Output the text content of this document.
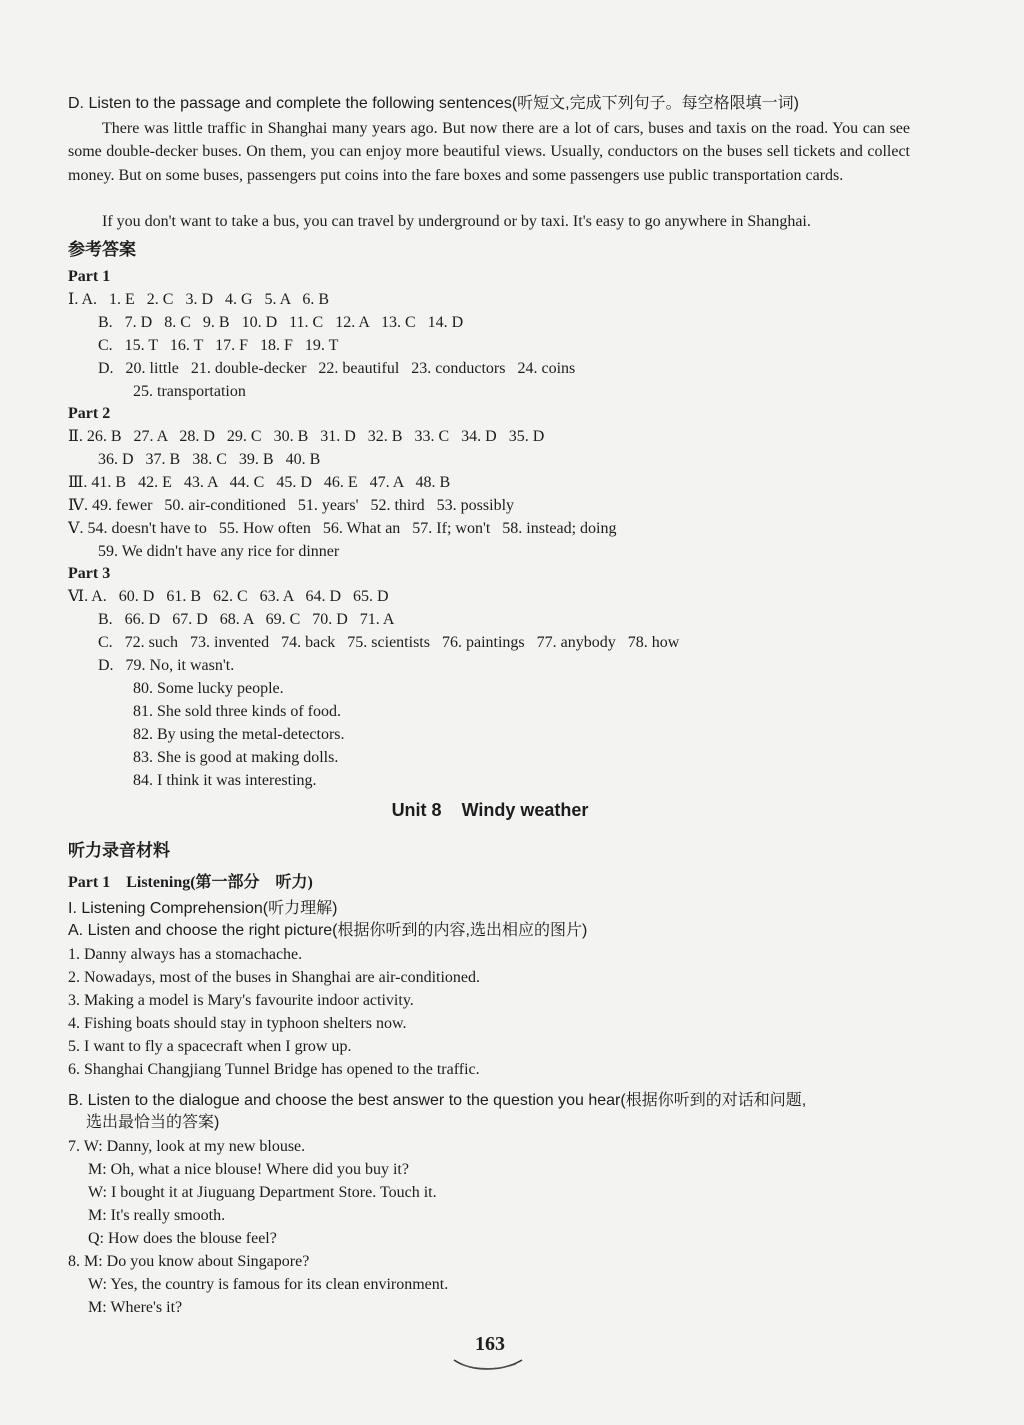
D. Listen to the passage and complete the following sentences(听短文,完成下列句子。每空格限填一词)
There was little traffic in Shanghai many years ago. But now there are a lot of cars, buses and taxis on the road. You can see some double-decker buses. On them, you can enjoy more beautiful views. Usually, conductors on the buses sell tickets and collect money. But on some buses, passengers put coins into the fare boxes and some passengers use public transportation cards.
If you don't want to take a bus, you can travel by underground or by taxi. It's easy to go anywhere in Shanghai.
参考答案
Part 1
Ⅰ. A.   1. E   2. C   3. D   4. G   5. A   6. B
B.   7. D   8. C   9. B   10. D   11. C   12. A   13. C   14. D
C.   15. T   16. T   17. F   18. F   19. T
D.   20. little   21. double-decker   22. beautiful   23. conductors   24. coins
25. transportation
Part 2
Ⅱ. 26. B   27. A   28. D   29. C   30. B   31. D   32. B   33. C   34. D   35. D
36. D   37. B   38. C   39. B   40. B
Ⅲ. 41. B   42. E   43. A   44. C   45. D   46. E   47. A   48. B
Ⅳ. 49. fewer   50. air-conditioned   51. years'   52. third   53. possibly
Ⅴ. 54. doesn't have to   55. How often   56. What an   57. If; won't   58. instead; doing
59. We didn't have any rice for dinner
Part 3
Ⅵ. A.   60. D   61. B   62. C   63. A   64. D   65. D
B.   66. D   67. D   68. A   69. C   70. D   71. A
C.   72. such   73. invented   74. back   75. scientists   76. paintings   77. anybody   78. how
D.   79. No, it wasn't.
80. Some lucky people.
81. She sold three kinds of food.
82. By using the metal-detectors.
83. She is good at making dolls.
84. I think it was interesting.
Unit 8    Windy weather
听力录音材料
Part 1    Listening(第一部分    听力)
I. Listening Comprehension(听力理解)
A. Listen and choose the right picture(根据你听到的内容,选出相应的图片)
1. Danny always has a stomachache.
2. Nowadays, most of the buses in Shanghai are air-conditioned.
3. Making a model is Mary's favourite indoor activity.
4. Fishing boats should stay in typhoon shelters now.
5. I want to fly a spacecraft when I grow up.
6. Shanghai Changjiang Tunnel Bridge has opened to the traffic.
B. Listen to the dialogue and choose the best answer to the question you hear(根据你听到的对话和问题,
选出最恰当的答案)
7. W: Danny, look at my new blouse.
M: Oh, what a nice blouse! Where did you buy it?
W: I bought it at Jiuguang Department Store. Touch it.
M: It's really smooth.
Q: How does the blouse feel?
8. M: Do you know about Singapore?
W: Yes, the country is famous for its clean environment.
M: Where's it?
163
